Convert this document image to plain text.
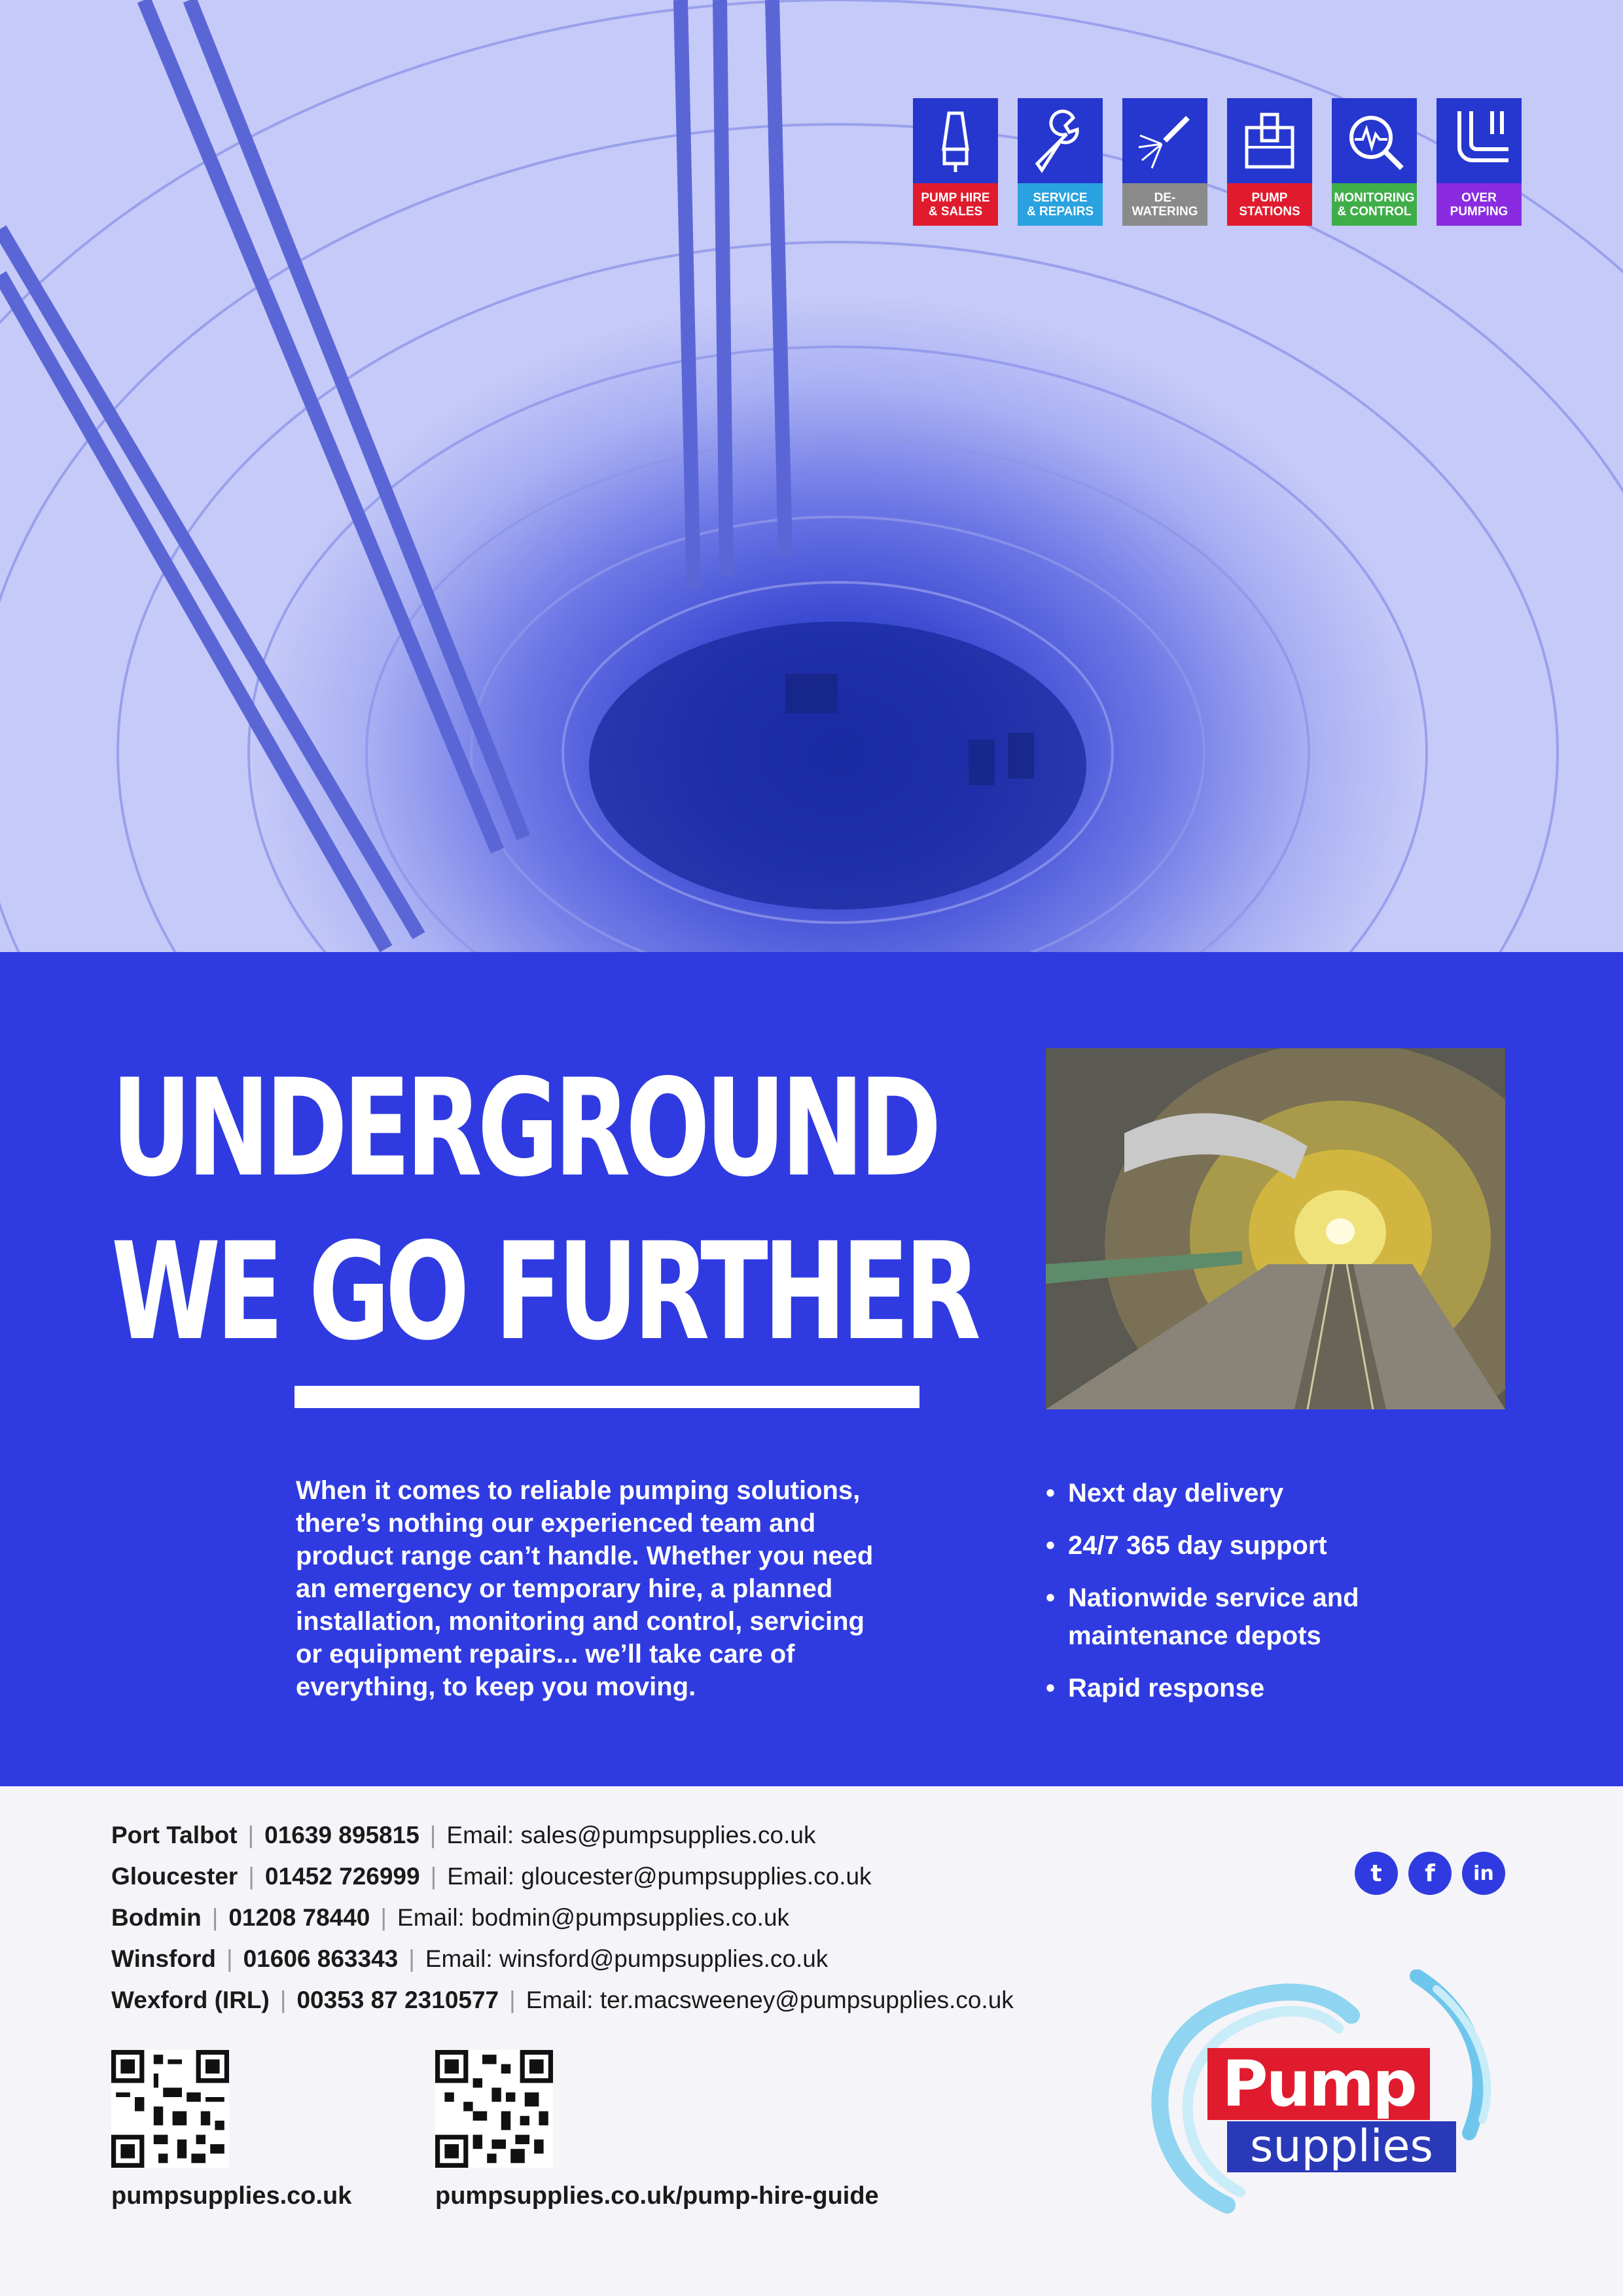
PUMP HIRE
& SALES
SERVICE
& REPAIRS
DE-
WATERING
PUMP
STATIONS
MONITORING
& CONTROL
OVER
PUMPING
UNDERGROUND
WE GO FURTHER
When it comes to reliable pumping solutions, there’s nothing our experienced team and product range can’t handle. Whether you need an emergency or temporary hire, a planned installation, monitoring and control, servicing or equipment repairs... we’ll take care of everything, to keep you moving.
• Next day delivery
• 24/7 365 day support
• Nationwide service and maintenance depots
• Rapid response
Port Talbot | 01639 895815 | Email: sales@pumpsupplies.co.uk
Gloucester | 01452 726999 | Email: gloucester@pumpsupplies.co.uk
Bodmin | 01208 78440 | Email: bodmin@pumpsupplies.co.uk
Winsford | 01606 863343 | Email: winsford@pumpsupplies.co.uk
Wexford (IRL) | 00353 87 2310577 | Email: ter.macsweeney@pumpsupplies.co.uk
t	f	in
pumpsupplies.co.uk	pumpsupplies.co.uk/pump-hire-guide
Pump
supplies
